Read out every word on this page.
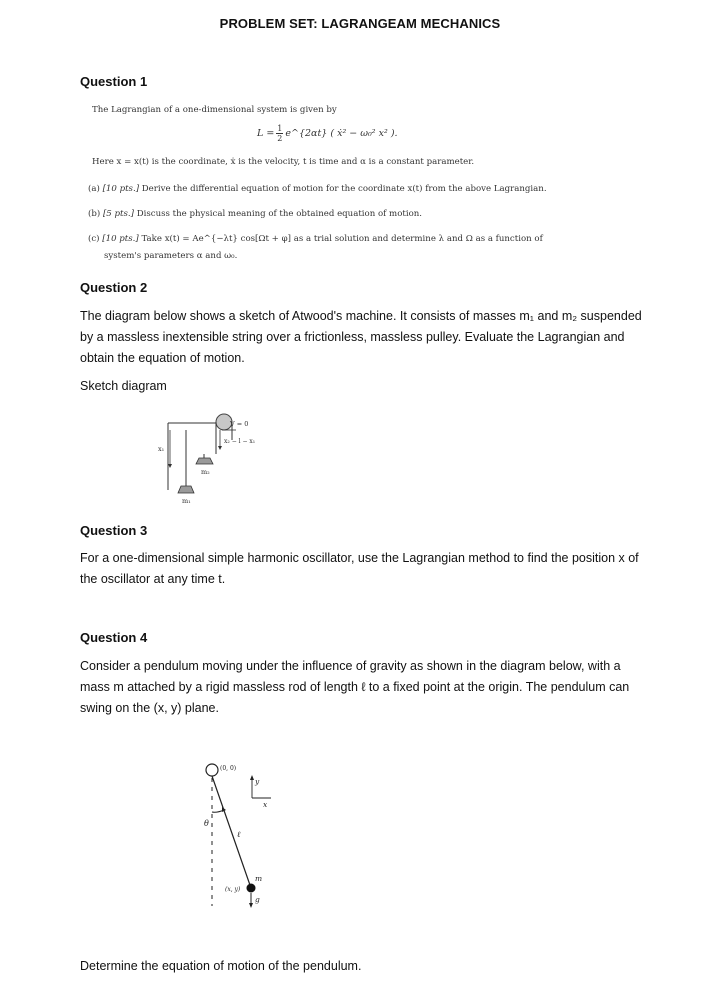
PROBLEM SET: LAGRANGEAM MECHANICS
Question 1
The Lagrangian of a one-dimensional system is given by
$L = \frac{1}{2}$ e^{2αt} ( ẋ² − ω₀² x² ).
Here x = x(t) is the coordinate, ẋ is the velocity, t is time and α is a constant parameter.
(a) [10 pts.] Derive the differential equation of motion for the coordinate x(t) from the above Lagrangian.
(b) [5 pts.] Discuss the physical meaning of the obtained equation of motion.
(c) [10 pts.] Take x(t) = Ae^{−λt} cos[Ωt + φ] as a trial solution and determine λ and Ω as a function of
system's parameters α and ω₀.
Question 2
The diagram below shows a sketch of Atwood's machine. It consists of masses m₁ and m₂ suspended by a massless inextensible string over a frictionless, massless pulley. Evaluate the Lagrangian and obtain the equation of motion.
Sketch diagram
V = 0
x₁
x₂ − l − x₁
m₂
m₁
Question 3
For a one-dimensional simple harmonic oscillator, use the Lagrangian method to find the position x of the oscillator at any time t.
Question 4
Consider a pendulum moving under the influence of gravity as shown in the diagram below, with a mass m attached by a rigid massless rod of length ℓ to a fixed point at the origin. The pendulum can swing on the (x, y) plane.
(0, 0)
θ
ℓ
m
(x, y)
g
y
x
Determine the equation of motion of the pendulum.
